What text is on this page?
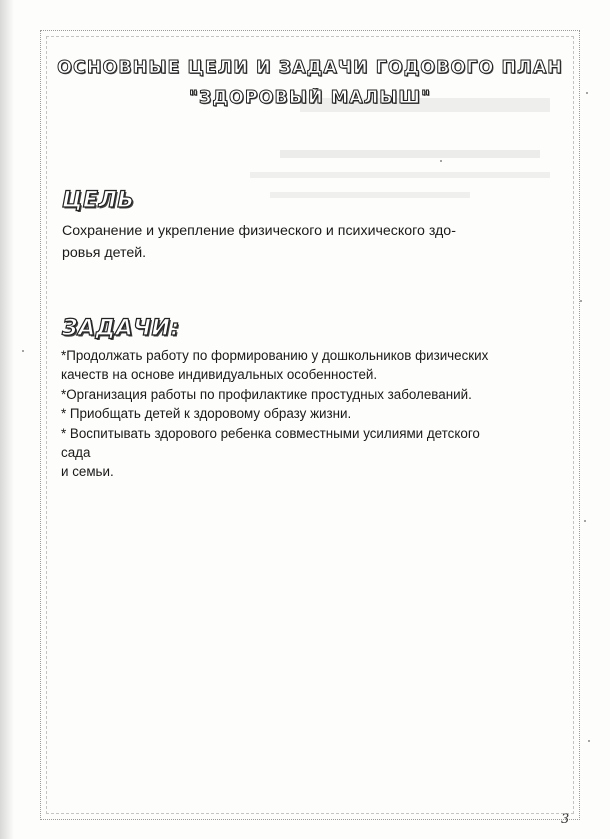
ОСНОВНЫЕ ЦЕЛИ И ЗАДАЧИ ГОДОВОГО ПЛАН
"ЗДОРОВЫЙ МАЛЫШ"
ЦЕЛЬ
Сохранение и укрепление физического и психического здо-
ровья детей.
ЗАДАЧИ:
*Продолжать работу по формированию у дошкольников физических
качеств на основе индивидуальных особенностей.
*Организация работы по профилактике простудных заболеваний.
* Приобщать детей к здоровому образу жизни.
* Воспитывать здорового ребенка совместными усилиями детского
сада
и семьи.
3
